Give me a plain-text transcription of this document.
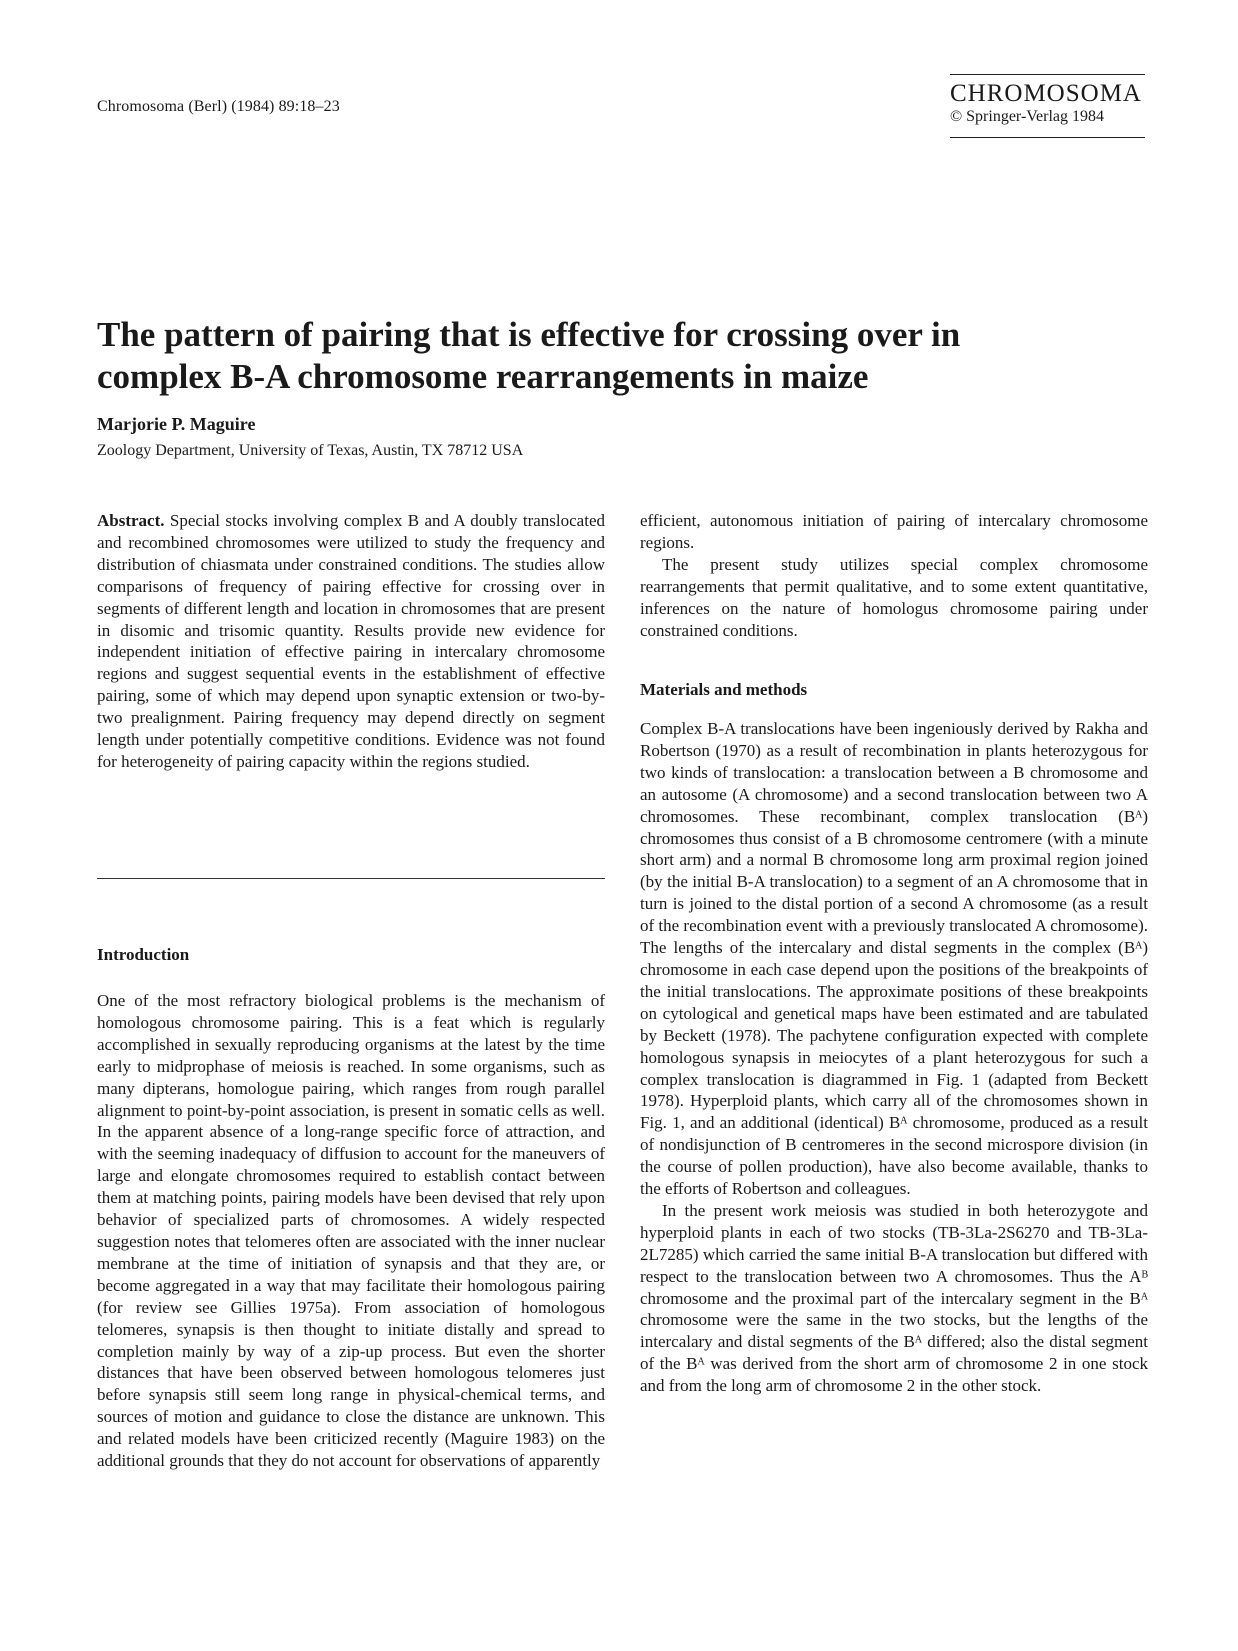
Chromosoma (Berl) (1984) 89:18–23	CHROMOSOMA
© Springer-Verlag 1984
The pattern of pairing that is effective for crossing over in complex B-A chromosome rearrangements in maize
Marjorie P. Maguire
Zoology Department, University of Texas, Austin, TX 78712 USA

Abstract. Special stocks involving complex B and A doubly translocated and recombined chromosomes were utilized to study the frequency and distribution of chiasmata under constrained conditions. The studies allow comparisons of frequency of pairing effective for crossing over in segments of different length and location in chromosomes that are present in disomic and trisomic quantity. Results provide new evidence for independent initiation of effective pairing in intercalary chromosome regions and suggest sequential events in the establishment of effective pairing, some of which may depend upon synaptic extension or two-by-two prealignment. Pairing frequency may depend directly on segment length under potentially competitive conditions. Evidence was not found for heterogeneity of pairing capacity within the regions studied.

Introduction

One of the most refractory biological problems is the mechanism of homologous chromosome pairing. This is a feat which is regularly accomplished in sexually reproducing organisms at the latest by the time early to midprophase of meiosis is reached. In some organisms, such as many dipterans, homologue pairing, which ranges from rough parallel alignment to point-by-point association, is present in somatic cells as well. In the apparent absence of a long-range specific force of attraction, and with the seeming inadequacy of diffusion to account for the maneuvers of large and elongate chromosomes required to establish contact between them at matching points, pairing models have been devised that rely upon behavior of specialized parts of chromosomes. A widely respected suggestion notes that telomeres often are associated with the inner nuclear membrane at the time of initiation of synapsis and that they are, or become aggregated in a way that may facilitate their homologous pairing (for review see Gillies 1975a). From association of homologous telomeres, synapsis is then thought to initiate distally and spread to completion mainly by way of a zip-up process. But even the shorter distances that have been observed between homologous telomeres just before synapsis still seem long range in physical-chemical terms, and sources of motion and guidance to close the distance are unknown. This and related models have been criticized recently (Maguire 1983) on the additional grounds that they do not account for observations of apparently

efficient, autonomous initiation of pairing of intercalary chromosome regions.

The present study utilizes special complex chromosome rearrangements that permit qualitative, and to some extent quantitative, inferences on the nature of homologus chromosome pairing under constrained conditions.

Materials and methods

Complex B-A translocations have been ingeniously derived by Rakha and Robertson (1970) as a result of recombination in plants heterozygous for two kinds of translocation: a translocation between a B chromosome and an autosome (A chromosome) and a second translocation between two A chromosomes. These recombinant, complex translocation (Bᴬ) chromosomes thus consist of a B chromosome centromere (with a minute short arm) and a normal B chromosome long arm proximal region joined (by the initial B-A translocation) to a segment of an A chromosome that in turn is joined to the distal portion of a second A chromosome (as a result of the recombination event with a previously translocated A chromosome). The lengths of the intercalary and distal segments in the complex (Bᴬ) chromosome in each case depend upon the positions of the breakpoints of the initial translocations. The approximate positions of these breakpoints on cytological and genetical maps have been estimated and are tabulated by Beckett (1978). The pachytene configuration expected with complete homologous synapsis in meiocytes of a plant heterozygous for such a complex translocation is diagrammed in Fig. 1 (adapted from Beckett 1978). Hyperploid plants, which carry all of the chromosomes shown in Fig. 1, and an additional (identical) Bᴬ chromosome, produced as a result of nondisjunction of B centromeres in the second microspore division (in the course of pollen production), have also become available, thanks to the efforts of Robertson and colleagues.

In the present work meiosis was studied in both heterozygote and hyperploid plants in each of two stocks (TB-3La-2S6270 and TB-3La-2L7285) which carried the same initial B-A translocation but differed with respect to the translocation between two A chromosomes. Thus the Aᴮ chromosome and the proximal part of the intercalary segment in the Bᴬ chromosome were the same in the two stocks, but the lengths of the intercalary and distal segments of the Bᴬ differed; also the distal segment of the Bᴬ was derived from the short arm of chromosome 2 in one stock and from the long arm of chromosome 2 in the other stock.
